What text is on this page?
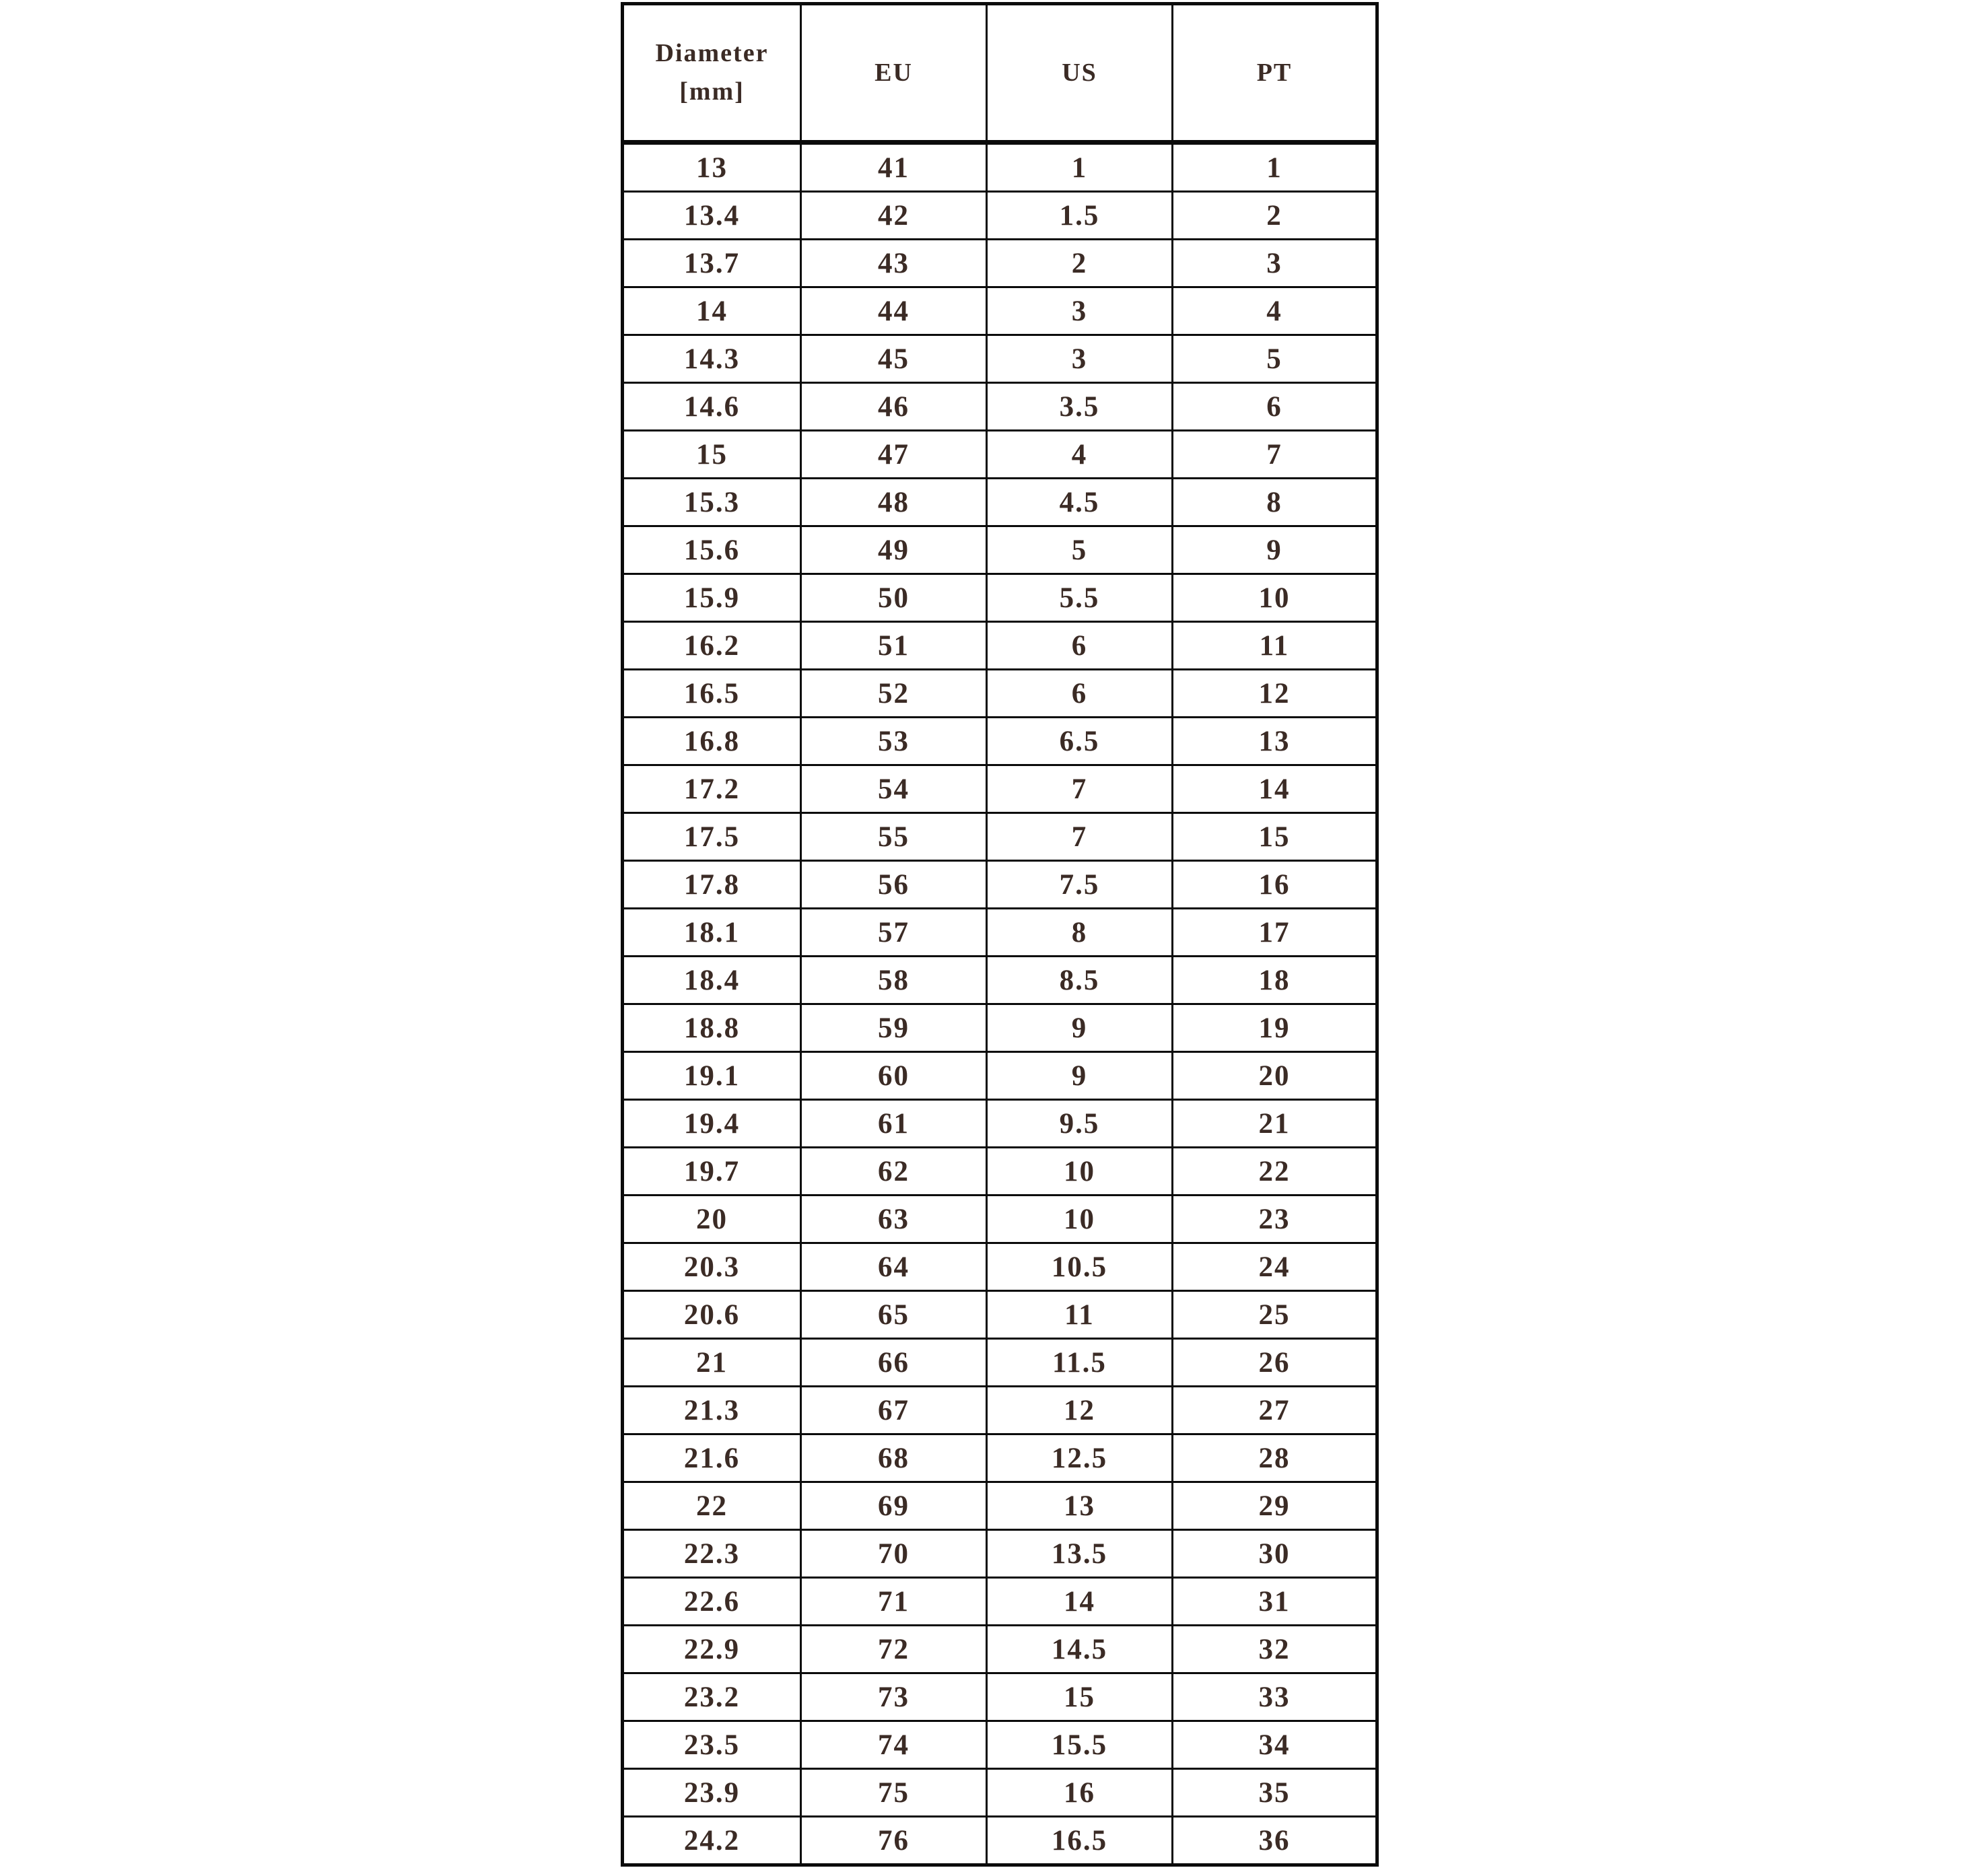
Diameter
[mm]	EU	US	PT

13	41	1	1
13.4	42	1.5	2
13.7	43	2	3
14	44	3	4
14.3	45	3	5
14.6	46	3.5	6
15	47	4	7
15.3	48	4.5	8
15.6	49	5	9
15.9	50	5.5	10
16.2	51	6	11
16.5	52	6	12
16.8	53	6.5	13
17.2	54	7	14
17.5	55	7	15
17.8	56	7.5	16
18.1	57	8	17
18.4	58	8.5	18
18.8	59	9	19
19.1	60	9	20
19.4	61	9.5	21
19.7	62	10	22
20	63	10	23
20.3	64	10.5	24
20.6	65	11	25
21	66	11.5	26
21.3	67	12	27
21.6	68	12.5	28
22	69	13	29
22.3	70	13.5	30
22.6	71	14	31
22.9	72	14.5	32
23.2	73	15	33
23.5	74	15.5	34
23.9	75	16	35
24.2	76	16.5	36
